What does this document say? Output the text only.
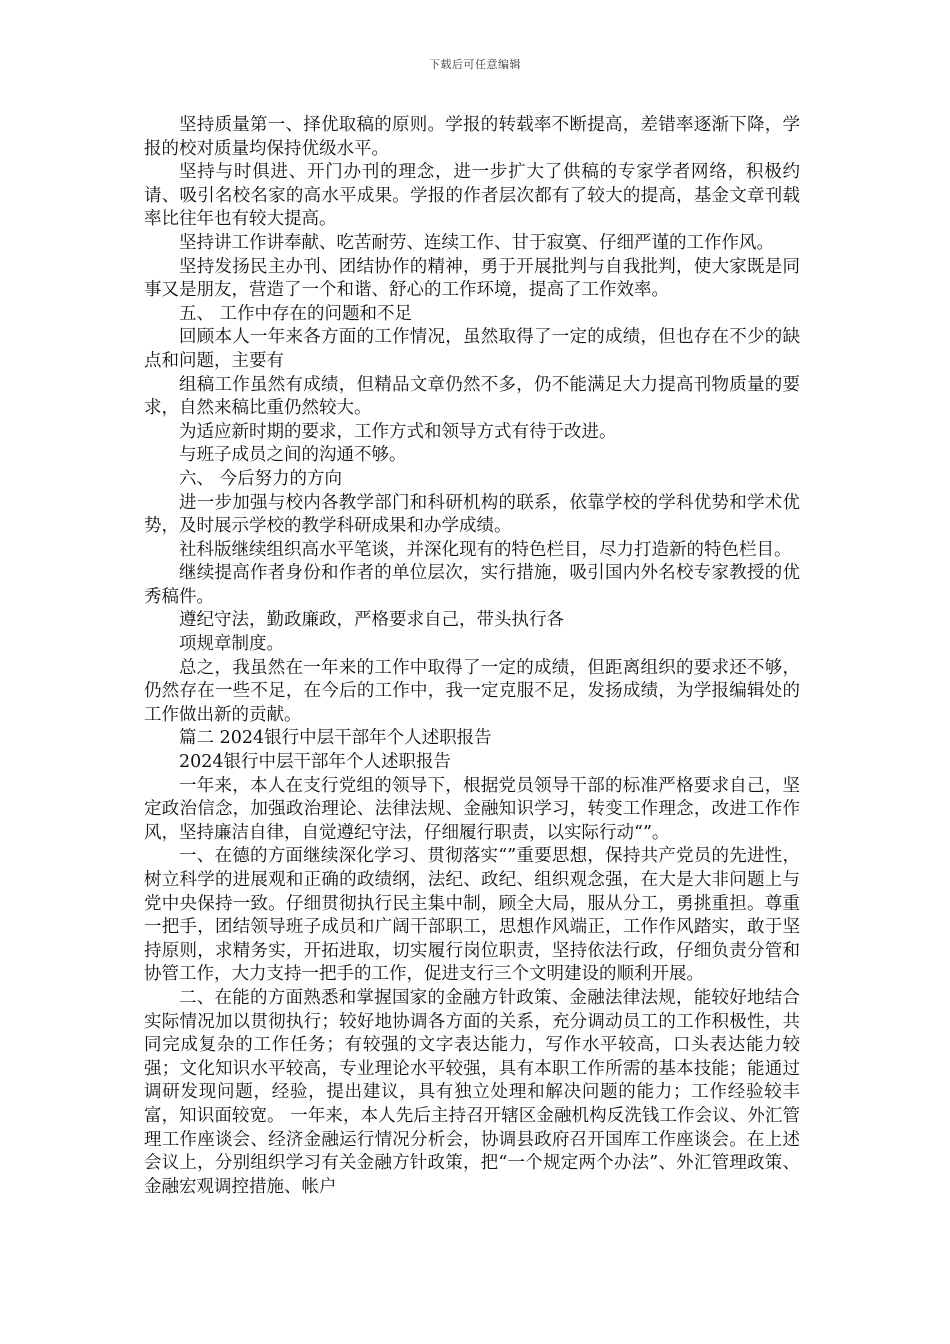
下载后可任意编辑

坚持质量第一、择优取稿的原则。学报的转载率不断提高，差错率逐渐下降，学报的校对质量均保持优级水平。

坚持与时俱进、开门办刊的理念，进一步扩大了供稿的专家学者网络，积极约请、吸引名校名家的高水平成果。学报的作者层次都有了较大的提高，基金文章刊载率比往年也有较大提高。

坚持讲工作讲奉献、吃苦耐劳、连续工作、甘于寂寞、仔细严谨的工作作风。

坚持发扬民主办刊、团结协作的精神，勇于开展批判与自我批判，使大家既是同事又是朋友，营造了一个和谐、舒心的工作环境，提高了工作效率。

五、 工作中存在的问题和不足

回顾本人一年来各方面的工作情况，虽然取得了一定的成绩，但也存在不少的缺点和问题，主要有

组稿工作虽然有成绩，但精品文章仍然不多，仍不能满足大力提高刊物质量的要求，自然来稿比重仍然较大。

为适应新时期的要求，工作方式和领导方式有待于改进。

与班子成员之间的沟通不够。

六、 今后努力的方向

进一步加强与校内各教学部门和科研机构的联系，依靠学校的学科优势和学术优势，及时展示学校的教学科研成果和办学成绩。

社科版继续组织高水平笔谈，并深化现有的特色栏目，尽力打造新的特色栏目。

继续提高作者身份和作者的单位层次，实行措施，吸引国内外名校专家教授的优秀稿件。

遵纪守法，勤政廉政，严格要求自己，带头执行各

项规章制度。

总之，我虽然在一年来的工作中取得了一定的成绩，但距离组织的要求还不够，仍然存在一些不足，在今后的工作中，我一定克服不足，发扬成绩，为学报编辑处的工作做出新的贡献。

篇二 2024银行中层干部年个人述职报告

2024银行中层干部年个人述职报告

一年来，本人在支行党组的领导下，根据党员领导干部的标准严格要求自己，坚定政治信念，加强政治理论、法律法规、金融知识学习，转变工作理念，改进工作作风，坚持廉洁自律，自觉遵纪守法，仔细履行职责，以实际行动“”。

一、在德的方面继续深化学习、贯彻落实“”重要思想，保持共产党员的先进性，树立科学的进展观和正确的政绩纲，法纪、政纪、组织观念强，在大是大非问题上与党中央保持一致。仔细贯彻执行民主集中制，顾全大局，服从分工，勇挑重担。尊重一把手，团结领导班子成员和广阔干部职工，思想作风端正，工作作风踏实，敢于坚持原则，求精务实，开拓进取，切实履行岗位职责，坚持依法行政，仔细负责分管和协管工作，大力支持一把手的工作，促进支行三个文明建设的顺利开展。

二、在能的方面熟悉和掌握国家的金融方针政策、金融法律法规，能较好地结合实际情况加以贯彻执行；较好地协调各方面的关系，充分调动员工的工作积极性，共同完成复杂的工作任务；有较强的文字表达能力，写作水平较高，口头表达能力较强；文化知识水平较高，专业理论水平较强，具有本职工作所需的基本技能；能通过调研发现问题，经验，提出建议，具有独立处理和解决问题的能力；工作经验较丰富，知识面较宽。 一年来，本人先后主持召开辖区金融机构反洗钱工作会议、外汇管理工作座谈会、经济金融运行情况分析会，协调县政府召开国库工作座谈会。在上述会议上，分别组织学习有关金融方针政策，把“一个规定两个办法”、外汇管理政策、金融宏观调控措施、帐户
